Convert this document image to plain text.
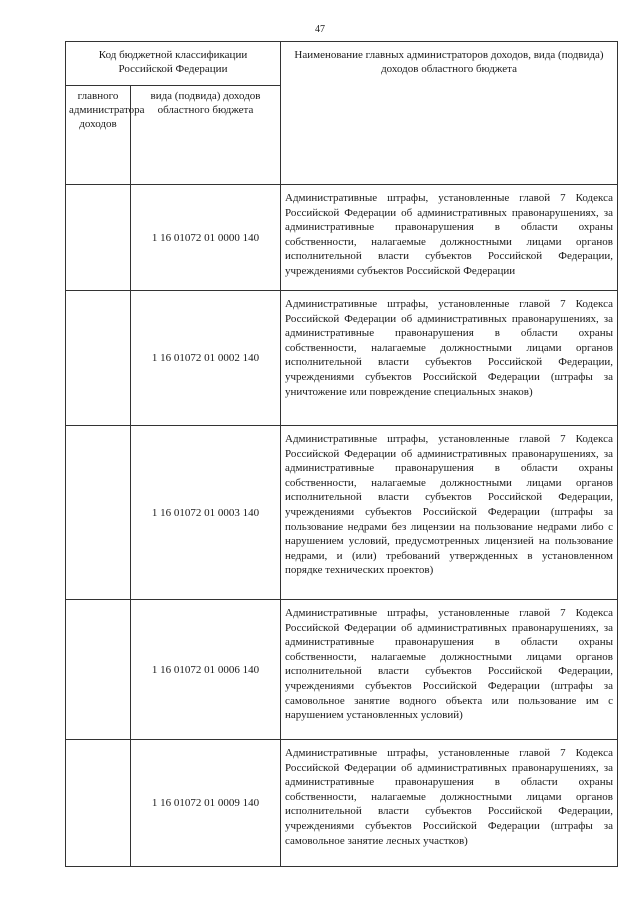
47
Код бюджетной классификации Российской Федерации		Наименование главных администраторов доходов, вида (подвида) доходов областного бюджета
главного администратора доходов	вида (подвида) доходов областного бюджета	
	1 16 01072 01 0000 140	Административные штрафы, установленные главой 7 Кодекса Российской Федерации об административных правонарушениях, за административные правонарушения в области охраны собственности, налагаемые должностными лицами органов исполнительной власти субъектов Российской Федерации, учреждениями субъектов Российской Федерации
	1 16 01072 01 0002 140	Административные штрафы, установленные главой 7 Кодекса Российской Федерации об административных правонарушениях, за административные правонарушения в области охраны собственности, налагаемые должностными лицами органов исполнительной власти субъектов Российской Федерации, учреждениями субъектов Российской Федерации (штрафы за уничтожение или повреждение специальных знаков)
	1 16 01072 01 0003 140	Административные штрафы, установленные главой 7 Кодекса Российской Федерации об административных правонарушениях, за административные правонарушения в области охраны собственности, налагаемые должностными лицами органов исполнительной власти субъектов Российской Федерации, учреждениями субъектов Российской Федерации (штрафы за пользование недрами без лицензии на пользование недрами либо с нарушением условий, предусмотренных лицензией на пользование недрами, и (или) требований утвержденных в установленном порядке технических проектов)
	1 16 01072 01 0006 140	Административные штрафы, установленные главой 7 Кодекса Российской Федерации об административных правонарушениях, за административные правонарушения в области охраны собственности, налагаемые должностными лицами органов исполнительной власти субъектов Российской Федерации, учреждениями субъектов Российской Федерации (штрафы за самовольное занятие водного объекта или пользование им с нарушением установленных условий)
	1 16 01072 01 0009 140	Административные штрафы, установленные главой 7 Кодекса Российской Федерации об административных правонарушениях, за административные правонарушения в области охраны собственности, налагаемые должностными лицами органов исполнительной власти субъектов Российской Федерации, учреждениями субъектов Российской Федерации (штрафы за самовольное занятие лесных участков)
